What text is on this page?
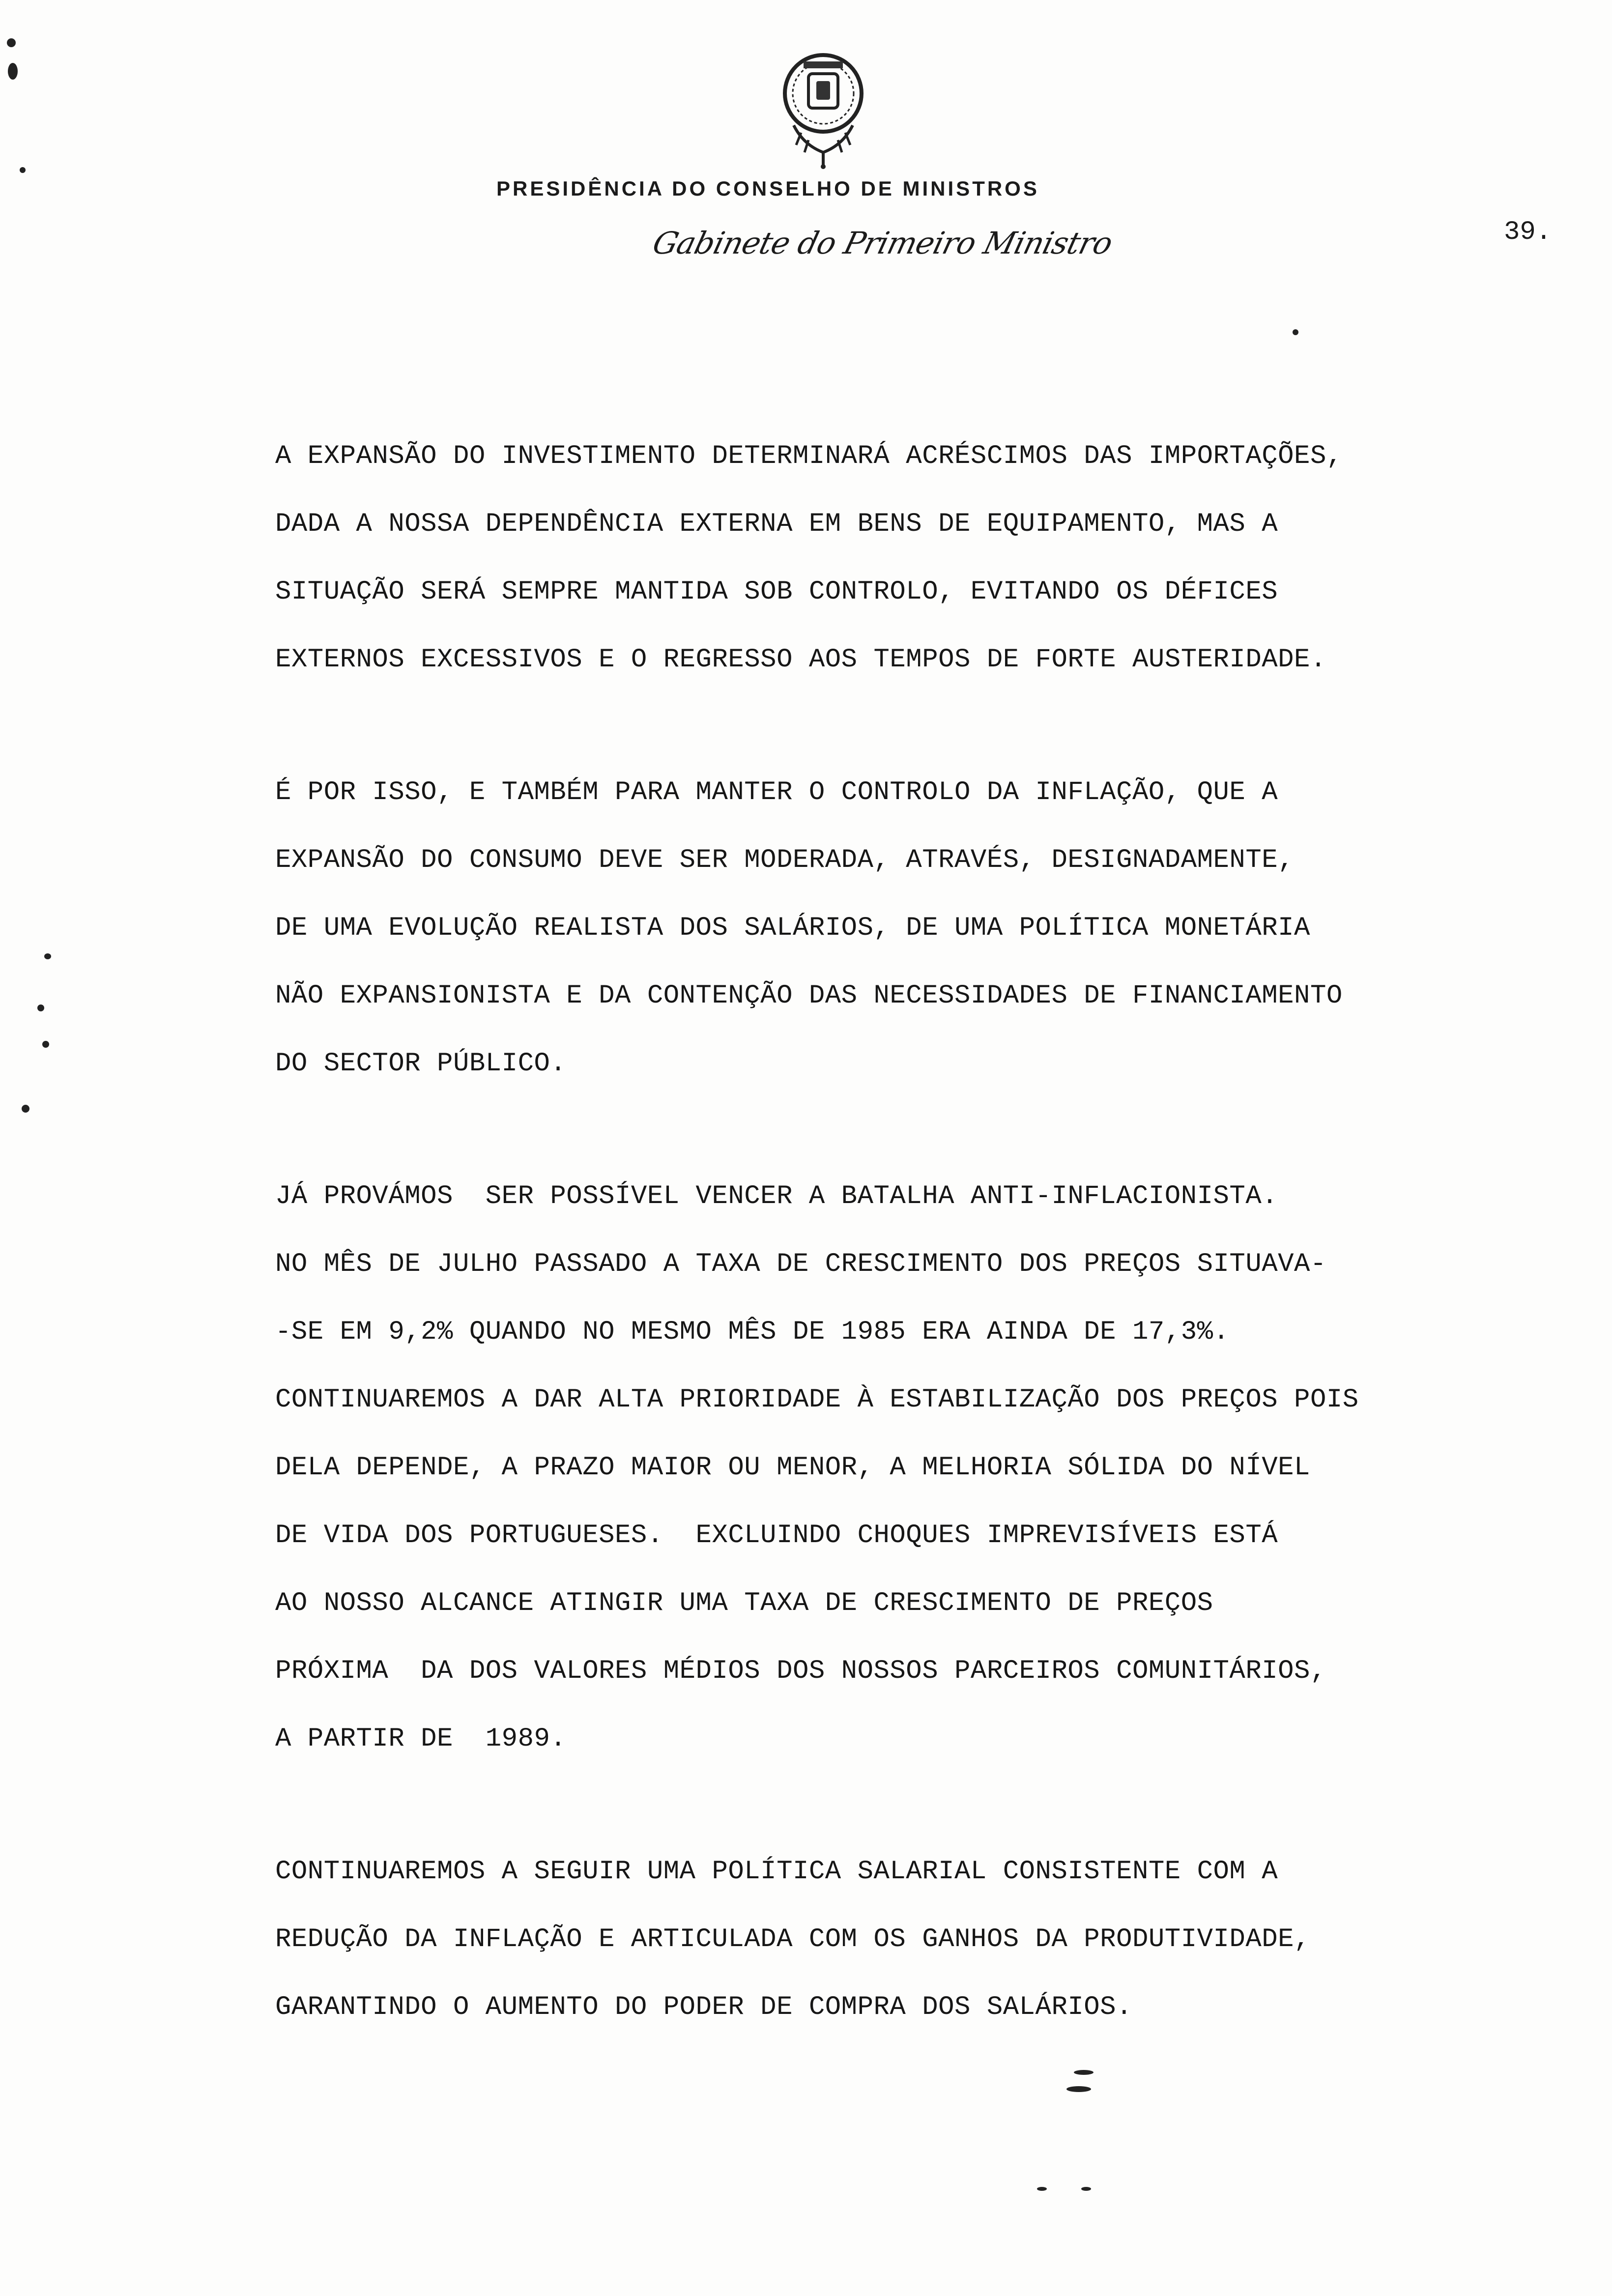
PRESIDÊNCIA DO CONSELHO DE MINISTROS
Gabinete do Primeiro Ministro	39.
A EXPANSÃO DO INVESTIMENTO DETERMINARÁ ACRÉSCIMOS DAS IMPORTAÇÕES,
DADA A NOSSA DEPENDÊNCIA EXTERNA EM BENS DE EQUIPAMENTO, MAS A
SITUAÇÃO SERÁ SEMPRE MANTIDA SOB CONTROLO, EVITANDO OS DÉFICES
EXTERNOS EXCESSIVOS E O REGRESSO AOS TEMPOS DE FORTE AUSTERIDADE.
É POR ISSO, E TAMBÉM PARA MANTER O CONTROLO DA INFLAÇÃO, QUE A
EXPANSÃO DO CONSUMO DEVE SER MODERADA, ATRAVÉS, DESIGNADAMENTE,
DE UMA EVOLUÇÃO REALISTA DOS SALÁRIOS, DE UMA POLÍTICA MONETÁRIA
NÃO EXPANSIONISTA E DA CONTENÇÃO DAS NECESSIDADES DE FINANCIAMENTO
DO SECTOR PÚBLICO.
JÁ PROVÁMOS  SER POSSÍVEL VENCER A BATALHA ANTI-INFLACIONISTA.
NO MÊS DE JULHO PASSADO A TAXA DE CRESCIMENTO DOS PREÇOS SITUAVA-
-SE EM 9,2% QUANDO NO MESMO MÊS DE 1985 ERA AINDA DE 17,3%.
CONTINUAREMOS A DAR ALTA PRIORIDADE À ESTABILIZAÇÃO DOS PREÇOS POIS
DELA DEPENDE, A PRAZO MAIOR OU MENOR, A MELHORIA SÓLIDA DO NÍVEL
DE VIDA DOS PORTUGUESES.  EXCLUINDO CHOQUES IMPREVISÍVEIS ESTÁ
AO NOSSO ALCANCE ATINGIR UMA TAXA DE CRESCIMENTO DE PREÇOS
PRÓXIMA  DA DOS VALORES MÉDIOS DOS NOSSOS PARCEIROS COMUNITÁRIOS,
A PARTIR DE  1989.
CONTINUAREMOS A SEGUIR UMA POLÍTICA SALARIAL CONSISTENTE COM A
REDUÇÃO DA INFLAÇÃO E ARTICULADA COM OS GANHOS DA PRODUTIVIDADE,
GARANTINDO O AUMENTO DO PODER DE COMPRA DOS SALÁRIOS.
